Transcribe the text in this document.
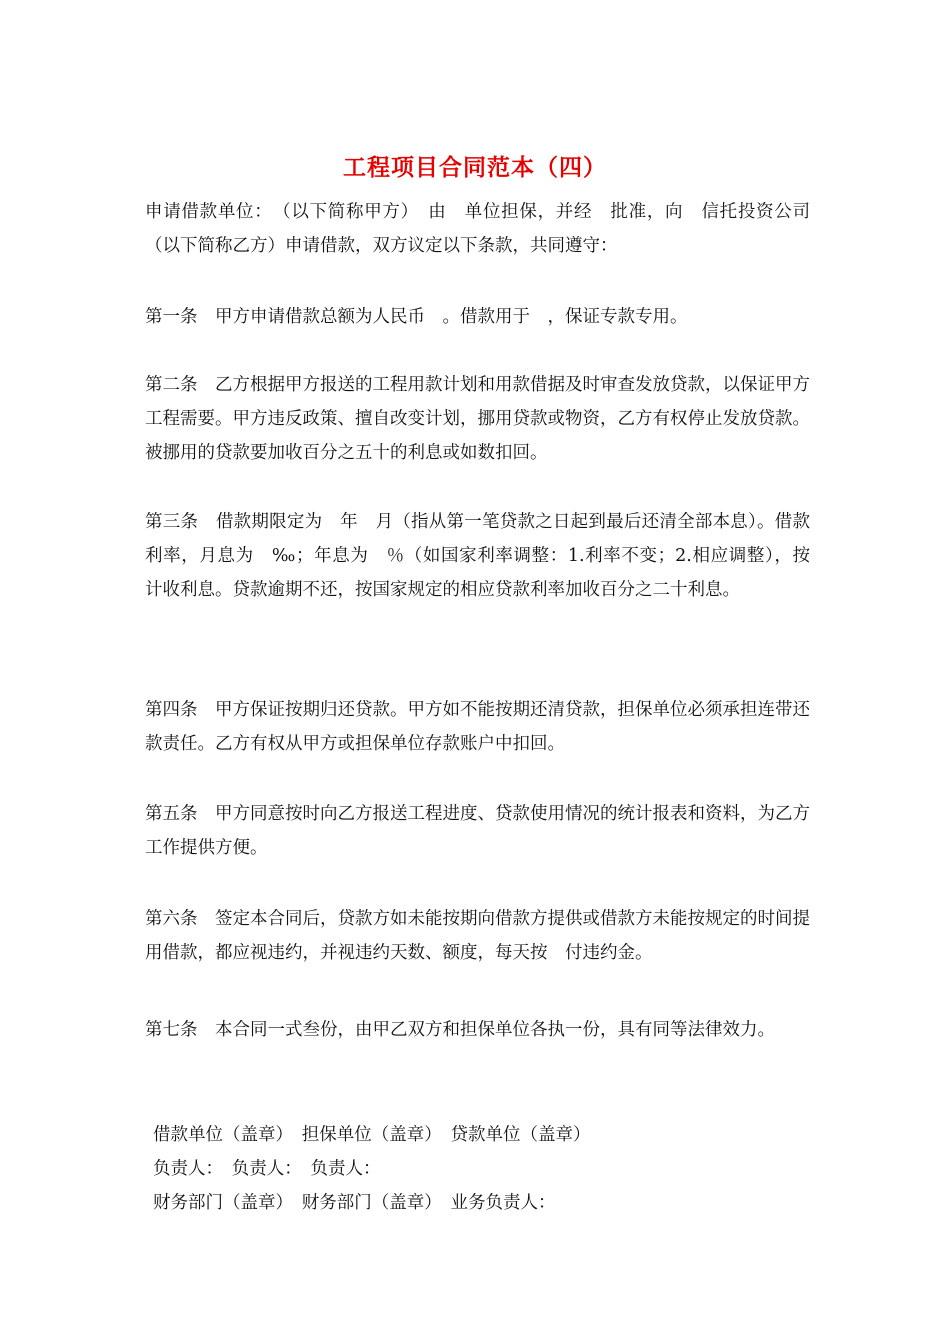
工程项目合同范本（四）

申请借款单位：　（以下简称甲方）　由　单位担保，并经　批准，向　信托投资公司（以下简称乙方）申请借款，双方议定以下条款，共同遵守：

第一条　甲方申请借款总额为人民币　。借款用于　，保证专款专用。

第二条　乙方根据甲方报送的工程用款计划和用款借据及时审查发放贷款，以保证甲方工程需要。甲方违反政策、擅自改变计划，挪用贷款或物资，乙方有权停止发放贷款。被挪用的贷款要加收百分之五十的利息或如数扣回。

第三条　借款期限定为　年　月（指从第一笔贷款之日起到最后还清全部本息）。借款利率，月息为　‰；年息为　％（如国家利率调整：1.利率不变；2.相应调整），按　计收利息。贷款逾期不还，按国家规定的相应贷款利率加收百分之二十利息。

第四条　甲方保证按期归还贷款。甲方如不能按期还清贷款，担保单位必须承担连带还款责任。乙方有权从甲方或担保单位存款账户中扣回。

第五条　甲方同意按时向乙方报送工程进度、贷款使用情况的统计报表和资料，为乙方工作提供方便。

第六条　签定本合同后，贷款方如未能按期向借款方提供或借款方未能按规定的时间提用借款，都应视违约，并视违约天数、额度，每天按　付违约金。

第七条　本合同一式叁份，由甲乙双方和担保单位各执一份，具有同等法律效力。

借款单位（盖章）　担保单位（盖章）　贷款单位（盖章）

负责人：　负责人：　负责人：

财务部门（盖章）　财务部门（盖章）　业务负责人：
